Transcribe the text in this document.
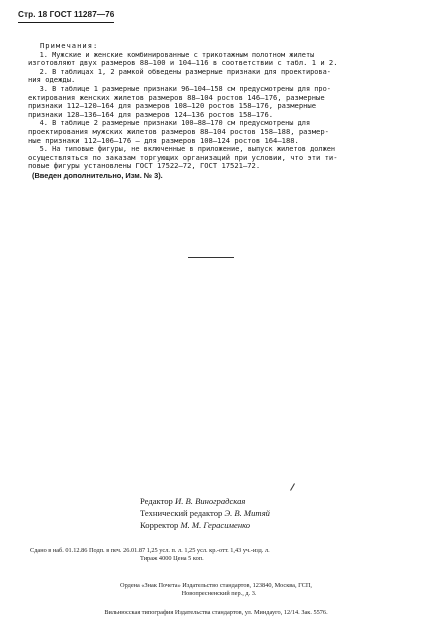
Стр. 18 ГОСТ 11287—76
Примечания:
1. Мужские и женские комбинированные с трикотажным полотном жилеты
изготовляют двух размеров 88—100 и 104—116 в соответствии с табл. 1 и 2.
2. В таблицах 1, 2 рамкой обведены размерные признаки для проектирова-
ния одежды.
3. В таблице 1 размерные признаки 96—104—158 см предусмотрены для про-
ектирования женских жилетов размеров 88—104 ростов 146—176, размерные
признаки 112—120—164 для размеров 108—120 ростов 158—176, размерные
признаки 128—136—164 для размеров 124—136 ростов 158—176.
4. В таблице 2 размерные признаки 100—88—170 см предусмотрены для
проектирования мужских жилетов размеров 88—104 ростов 158—188, размер-
ные признаки 112—106—176 — для размеров 108—124 ростов 164—188.
5. На типовые фигуры, не включенные в приложение, выпуск жилетов должен
осуществляться по заказам торгующих организаций при условии, что эти ти-
повые фигуры установлены ГОСТ 17522—72, ГОСТ 17521—72.
(Введен дополнительно, Изм. № 3).
Редактор И. В. Виноградская
Технический редактор Э. В. Митяй
Корректор М. М. Герасименко
Сдано в наб. 01.12.86 Подп. в печ. 26.01.87 1,25 усл. п. л. 1,25 усл. кр.-отт. 1,43 уч.-изд. л.
Тираж 4000 Цена 5 коп.
Ордена «Знак Почета» Издательство стандартов, 123840, Москва, ГСП,
Новопресненский пер., д. 3.
Вильнюсская типография Издательства стандартов, ул. Миндауго, 12/14. Зак. 5576.
